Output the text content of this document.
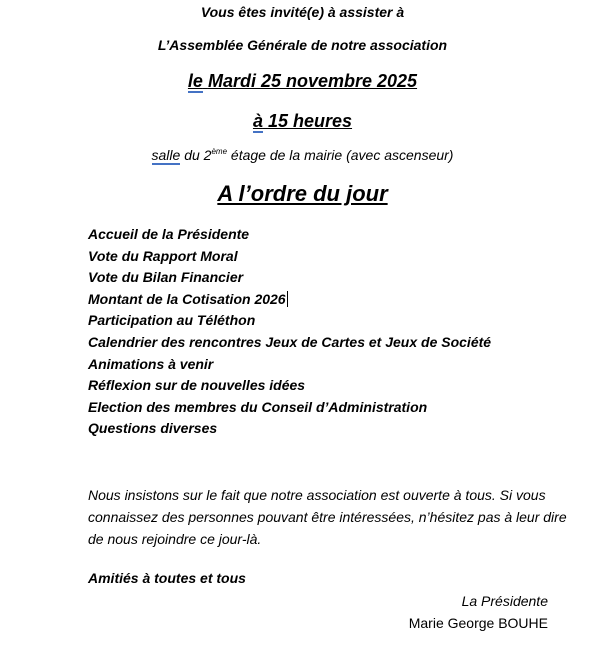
Vous êtes invité(e) à assister à
L’Assemblée Générale de notre association
le Mardi 25 novembre 2025
à 15 heures
salle du 2ème étage de la mairie (avec ascenseur)
A l’ordre du jour
Accueil de la Présidente
Vote du Rapport Moral
Vote du Bilan Financier
Montant de la Cotisation 2026
Participation au Téléthon
Calendrier des rencontres Jeux de Cartes et Jeux de Société
Animations à venir
Réflexion sur de nouvelles idées
Election des membres du Conseil d’Administration
Questions diverses

Nous insistons sur le fait que notre association est ouverte à tous. Si vous connaissez des personnes pouvant être intéressées, n’hésitez pas à leur dire de nous rejoindre ce jour-là.

Amitiés à toutes et tous
La Présidente
Marie George BOUHE
